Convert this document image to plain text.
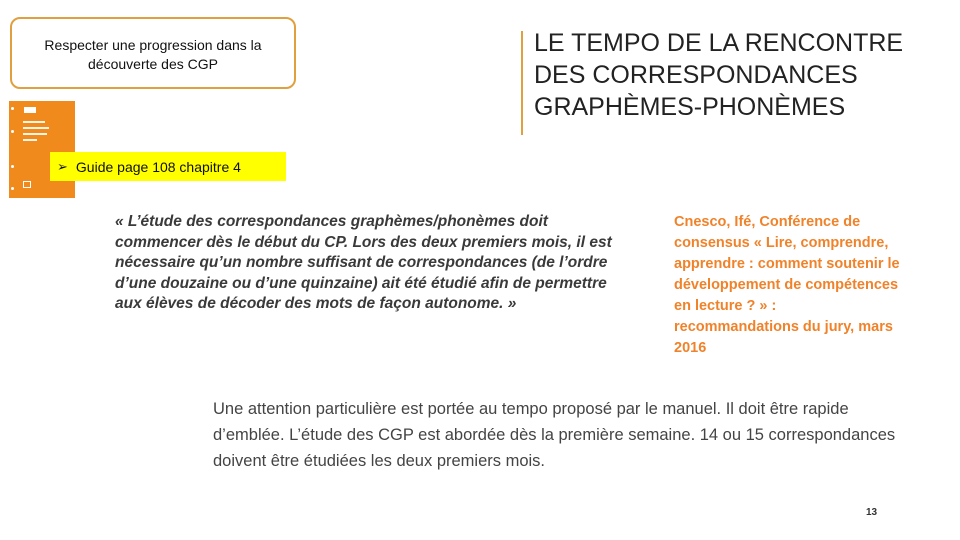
Respecter une progression dans la découverte des CGP
➢ Guide page 108 chapitre 4
LE TEMPO DE LA RENCONTRE
DES CORRESPONDANCES
GRAPHÈMES-PHONÈMES
« L’étude des correspondances graphèmes/phonèmes doit commencer dès le début du CP. Lors des deux premiers mois, il est nécessaire qu’un nombre suffisant de correspondances (de l’ordre d’une douzaine ou d’une quinzaine) ait été étudié afin de permettre aux élèves de décoder des mots de façon autonome. »
Cnesco, Ifé, Conférence de consensus « Lire, comprendre, apprendre : comment soutenir le développement de compétences en lecture ? » : recommandations du jury, mars 2016
Une attention particulière est portée au tempo proposé par le manuel. Il doit être rapide d’emblée. L’étude des CGP est abordée dès la première semaine. 14 ou 15 correspondances doivent être étudiées les deux premiers mois.
13
